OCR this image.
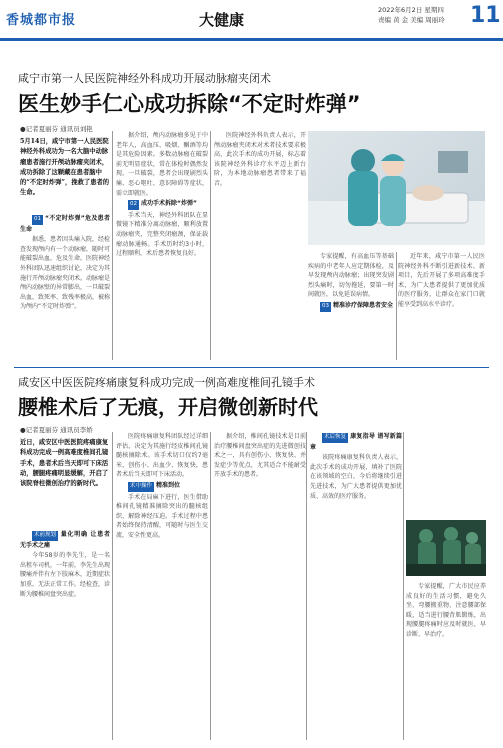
香城都市报	大健康
2022年6月2日 星期四
责编 黄 金 美编 周丽玲 11
咸宁市第一人民医院神经外科成功开展动脉瘤夹闭术
医生妙手仁心成功拆除“不定时炸弹”
●记者夏丽芬 通讯员刘艳
5月14日，咸宁市第一人民医院神经外科成功为一名大脑中动脉瘤患者施行开颅动脉瘤夹闭术，成功拆除了这颗藏在患者脑中的“不定时炸弹”，挽救了患者的生命。

01 “不定时炸弹”危及患者生命

据悉，患者因头痛入院，经检查发现颅内有一个动脉瘤，随时可能破裂出血，危及生命。医院神经外科团队迅速组织讨论，决定为其施行开颅动脉瘤夹闭术。动脉瘤是颅内动脉壁的异常膨出，一旦破裂出血，致死率、致残率极高，被称为颅内“不定时炸弹”。

据介绍，颅内动脉瘤多见于中老年人，高血压、吸烟、酗酒等均是其危险因素。多数动脉瘤在破裂前无明显症状，常在体检时偶然发现。一旦破裂，患者会出现剧烈头痛、恶心呕吐、意识障碍等症状，需立即就医。

02 成功手术拆除“炸弹”

手术当天，神经外科团队在显微镜下精准分离动脉瘤，顺利放置动脉瘤夹，完整夹闭瘤颈，保证载瘤动脉通畅。手术历时约3小时，过程顺利，术后患者恢复良好。

医院神经外科负责人表示，开颅动脉瘤夹闭术对术者技术要求极高，此次手术的成功开展，标志着该院神经外科诊疗水平迈上新台阶，为本地动脉瘤患者带来了福音。

专家提醒，有高血压等基础疾病的中老年人应定期体检，及早发现颅内动脉瘤；出现突发剧烈头痛时，切勿拖延，要第一时间就医，以免延误病情。

03 精准诊疗保障患者安全

近年来，咸宁市第一人民医院神经外科不断引进新技术、新项目，先后开展了多项高难度手术，为广大患者提供了更加优质的医疗服务，让群众在家门口就能享受到高水平诊疗。

咸安区中医医院疼痛康复科成功完成一例高难度椎间孔镜手术
腰椎术后了无痕，开启微创新时代
●记者夏丽芬 通讯员李娇
近日，咸安区中医医院疼痛康复科成功完成一例高难度椎间孔镜手术，患者术后当天即可下床活动，腰腿疼痛明显缓解，开启了该院脊柱微创治疗的新时代。

术前规划 量化明确 让患者无手术之痛

今年58岁的李先生，是一名出租车司机，一年前，李先生出现腰痛并伴有左下肢麻木，近期症状加重，无法正常工作。经检查，诊断为腰椎间盘突出症。

医院疼痛康复科团队经过详细评估，决定为其施行经皮椎间孔镜髓核摘除术。该手术切口仅约7毫米，创伤小、出血少、恢复快，患者术后当天即可下床活动。

术中操作 精准到位

手术在局麻下进行，医生借助椎间孔镜精准摘除突出的髓核组织，解除神经压迫。手术过程中患者始终保持清醒，可随时与医生交流，安全性更高。

据介绍，椎间孔镜技术是目前治疗腰椎间盘突出症的先进微创技术之一，具有创伤小、恢复快、并发症少等优点，尤其适合不能耐受开放手术的患者。

术后恢复 康复指导 谱写新篇章

该院疼痛康复科负责人表示，此次手术的成功开展，填补了医院在该领域的空白，今后将继续引进先进技术，为广大患者提供更加优质、高效的医疗服务。

专家提醒，广大市民应养成良好的生活习惯，避免久坐、弯腰搬重物，注意腰部保暖，适当进行腰背肌锻炼，出现腰腿疼痛时应及时就医，早诊断、早治疗。
